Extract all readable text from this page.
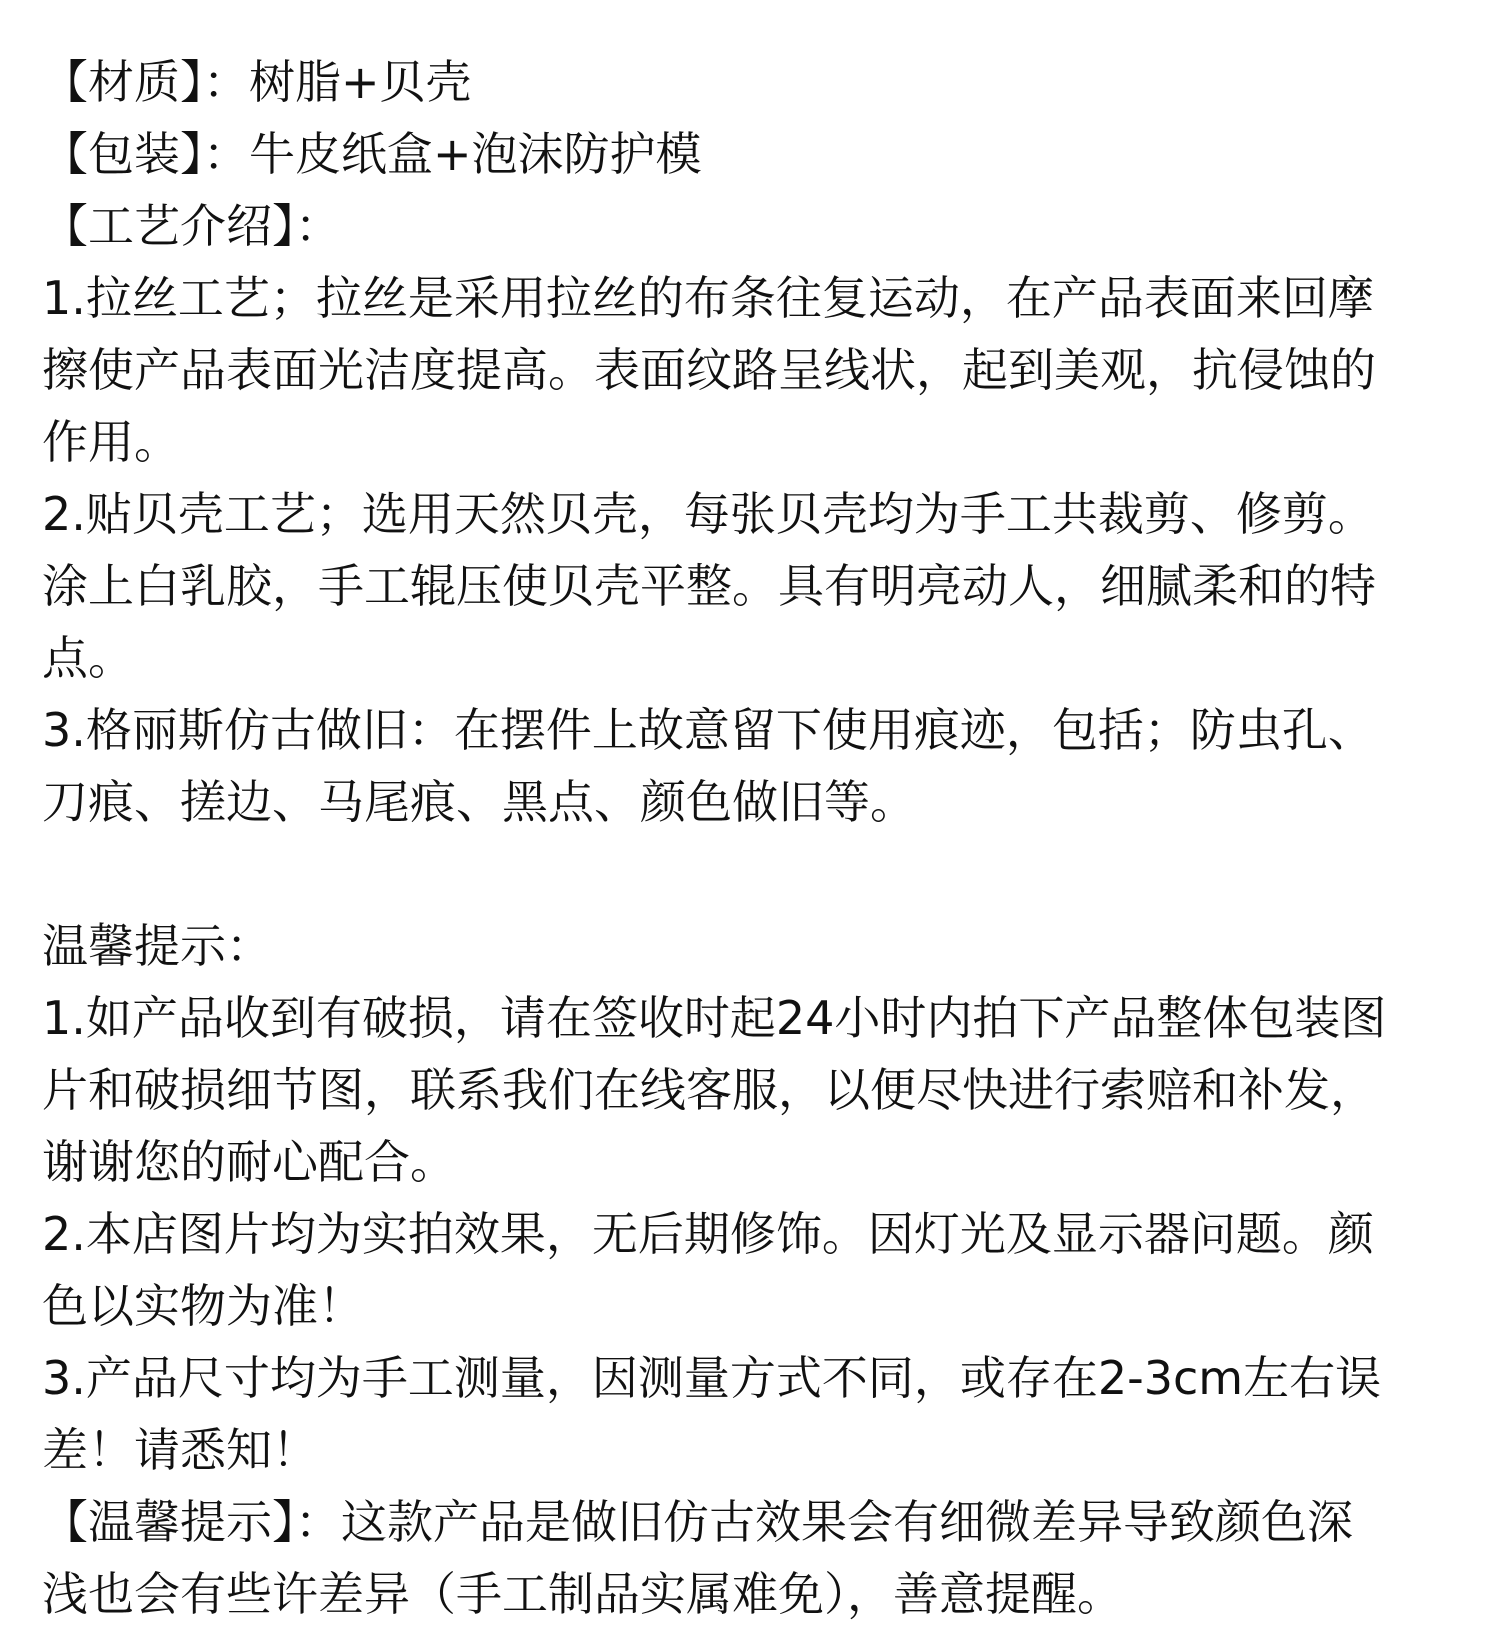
【材质】：树脂+贝壳
【包装】：牛皮纸盒+泡沫防护模
【工艺介绍】：
1.拉丝工艺；拉丝是采用拉丝的布条往复运动，在产品表面来回摩
擦使产品表面光洁度提高。表面纹路呈线状，起到美观，抗侵蚀的
作用。
2.贴贝壳工艺；选用天然贝壳，每张贝壳均为手工共裁剪、修剪。
涂上白乳胶，手工辊压使贝壳平整。具有明亮动人，细腻柔和的特
点。
3.格丽斯仿古做旧：在摆件上故意留下使用痕迹，包括；防虫孔、
刀痕、搓边、马尾痕、黑点、颜色做旧等。
温馨提示：
1.如产品收到有破损，请在签收时起24小时内拍下产品整体包装图
片和破损细节图，联系我们在线客服，以便尽快进行索赔和补发，
谢谢您的耐心配合。
2.本店图片均为实拍效果，无后期修饰。因灯光及显示器问题。颜
色以实物为准！
3.产品尺寸均为手工测量，因测量方式不同，或存在2-3cm左右误
差！请悉知！
【温馨提示】：这款产品是做旧仿古效果会有细微差异导致颜色深
浅也会有些许差异（手工制品实属难免），善意提醒。
